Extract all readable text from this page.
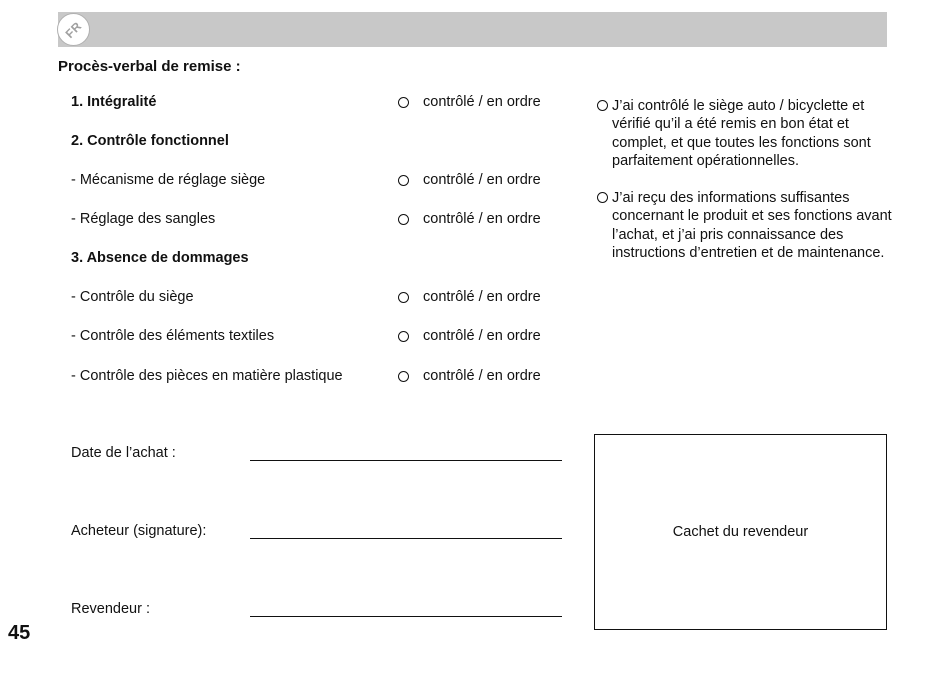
FR
Procès-verbal de remise :
1. Intégralité
2. Contrôle fonctionnel
- Mécanisme de réglage siège
- Réglage des sangles
3. Absence de dommages
- Contrôle du siège
- Contrôle des éléments textiles
- Contrôle des pièces en matière plastique
contrôlé / en ordre
contrôlé / en ordre
contrôlé / en ordre
contrôlé / en ordre
contrôlé / en ordre
contrôlé / en ordre
J’ai contrôlé le siège auto / bicyclette et vérifié qu’il a été remis en bon état et complet, et que toutes les fonctions sont parfaitement opérationnelles.
J’ai reçu des informations suffisantes concernant le produit et ses fonctions avant l’achat, et j’ai pris connaissance des instructions d’entretien et de maintenance.
Date de l’achat :
Acheteur (signature):
Revendeur :
Cachet du revendeur
45
